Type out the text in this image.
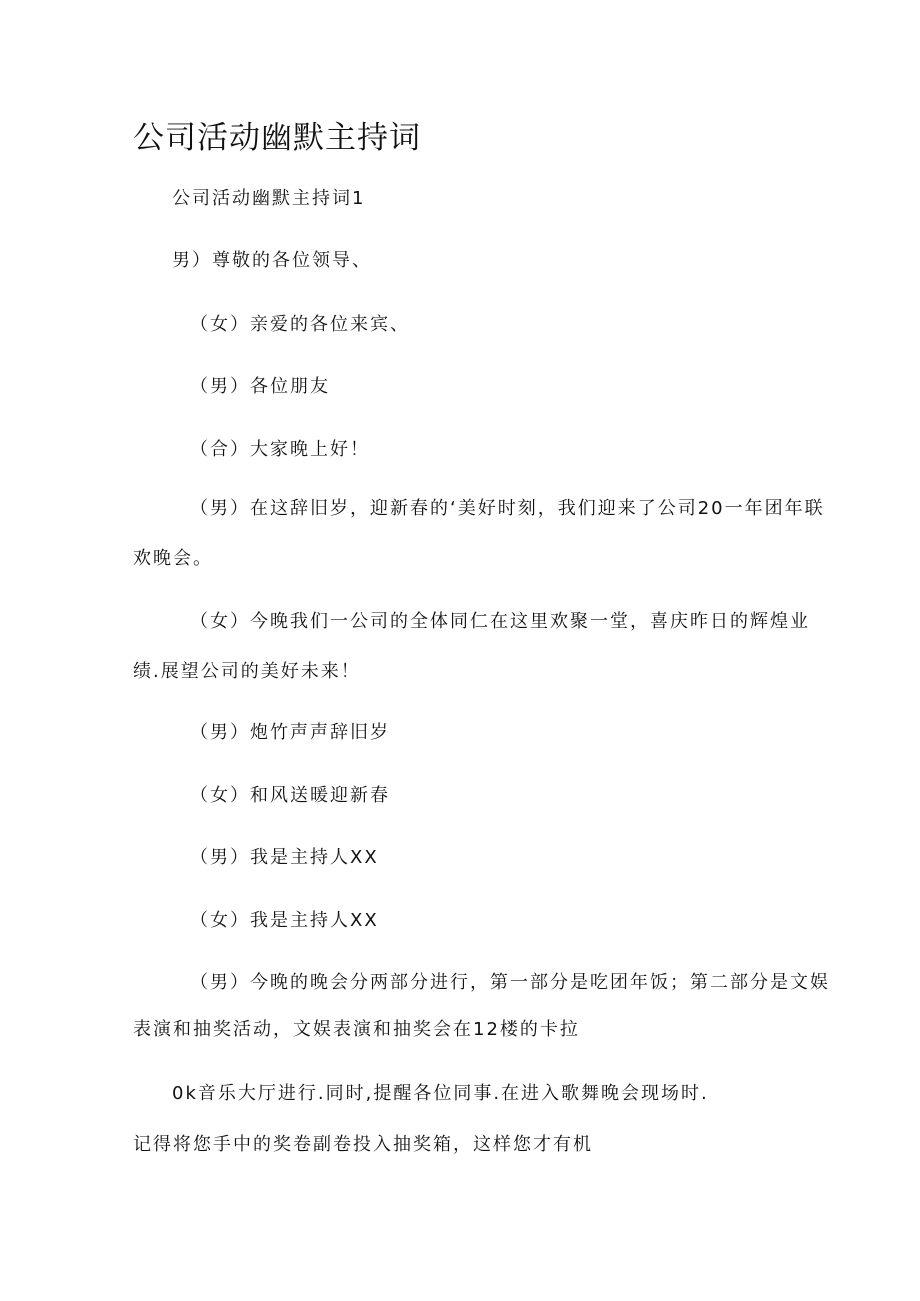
公司活动幽默主持词
公司活动幽默主持词1
男）尊敬的各位领导、
（女）亲爱的各位来宾、
（男）各位朋友
（合）大家晚上好！
（男）在这辞旧岁，迎新春的‘美好时刻，我们迎来了公司20一年团年联
欢晚会。
（女）今晚我们一公司的全体同仁在这里欢聚一堂，喜庆昨日的辉煌业
绩.展望公司的美好未来！
（男）炮竹声声辞旧岁
（女）和风送暖迎新春
（男）我是主持人XX
（女）我是主持人XX
（男）今晚的晚会分两部分进行，第一部分是吃团年饭；第二部分是文娱
表演和抽奖活动，文娱表演和抽奖会在12楼的卡拉
0k音乐大厅进行.同时,提醒各位同事.在进入歌舞晚会现场时.
记得将您手中的奖卷副卷投入抽奖箱，这样您才有机
